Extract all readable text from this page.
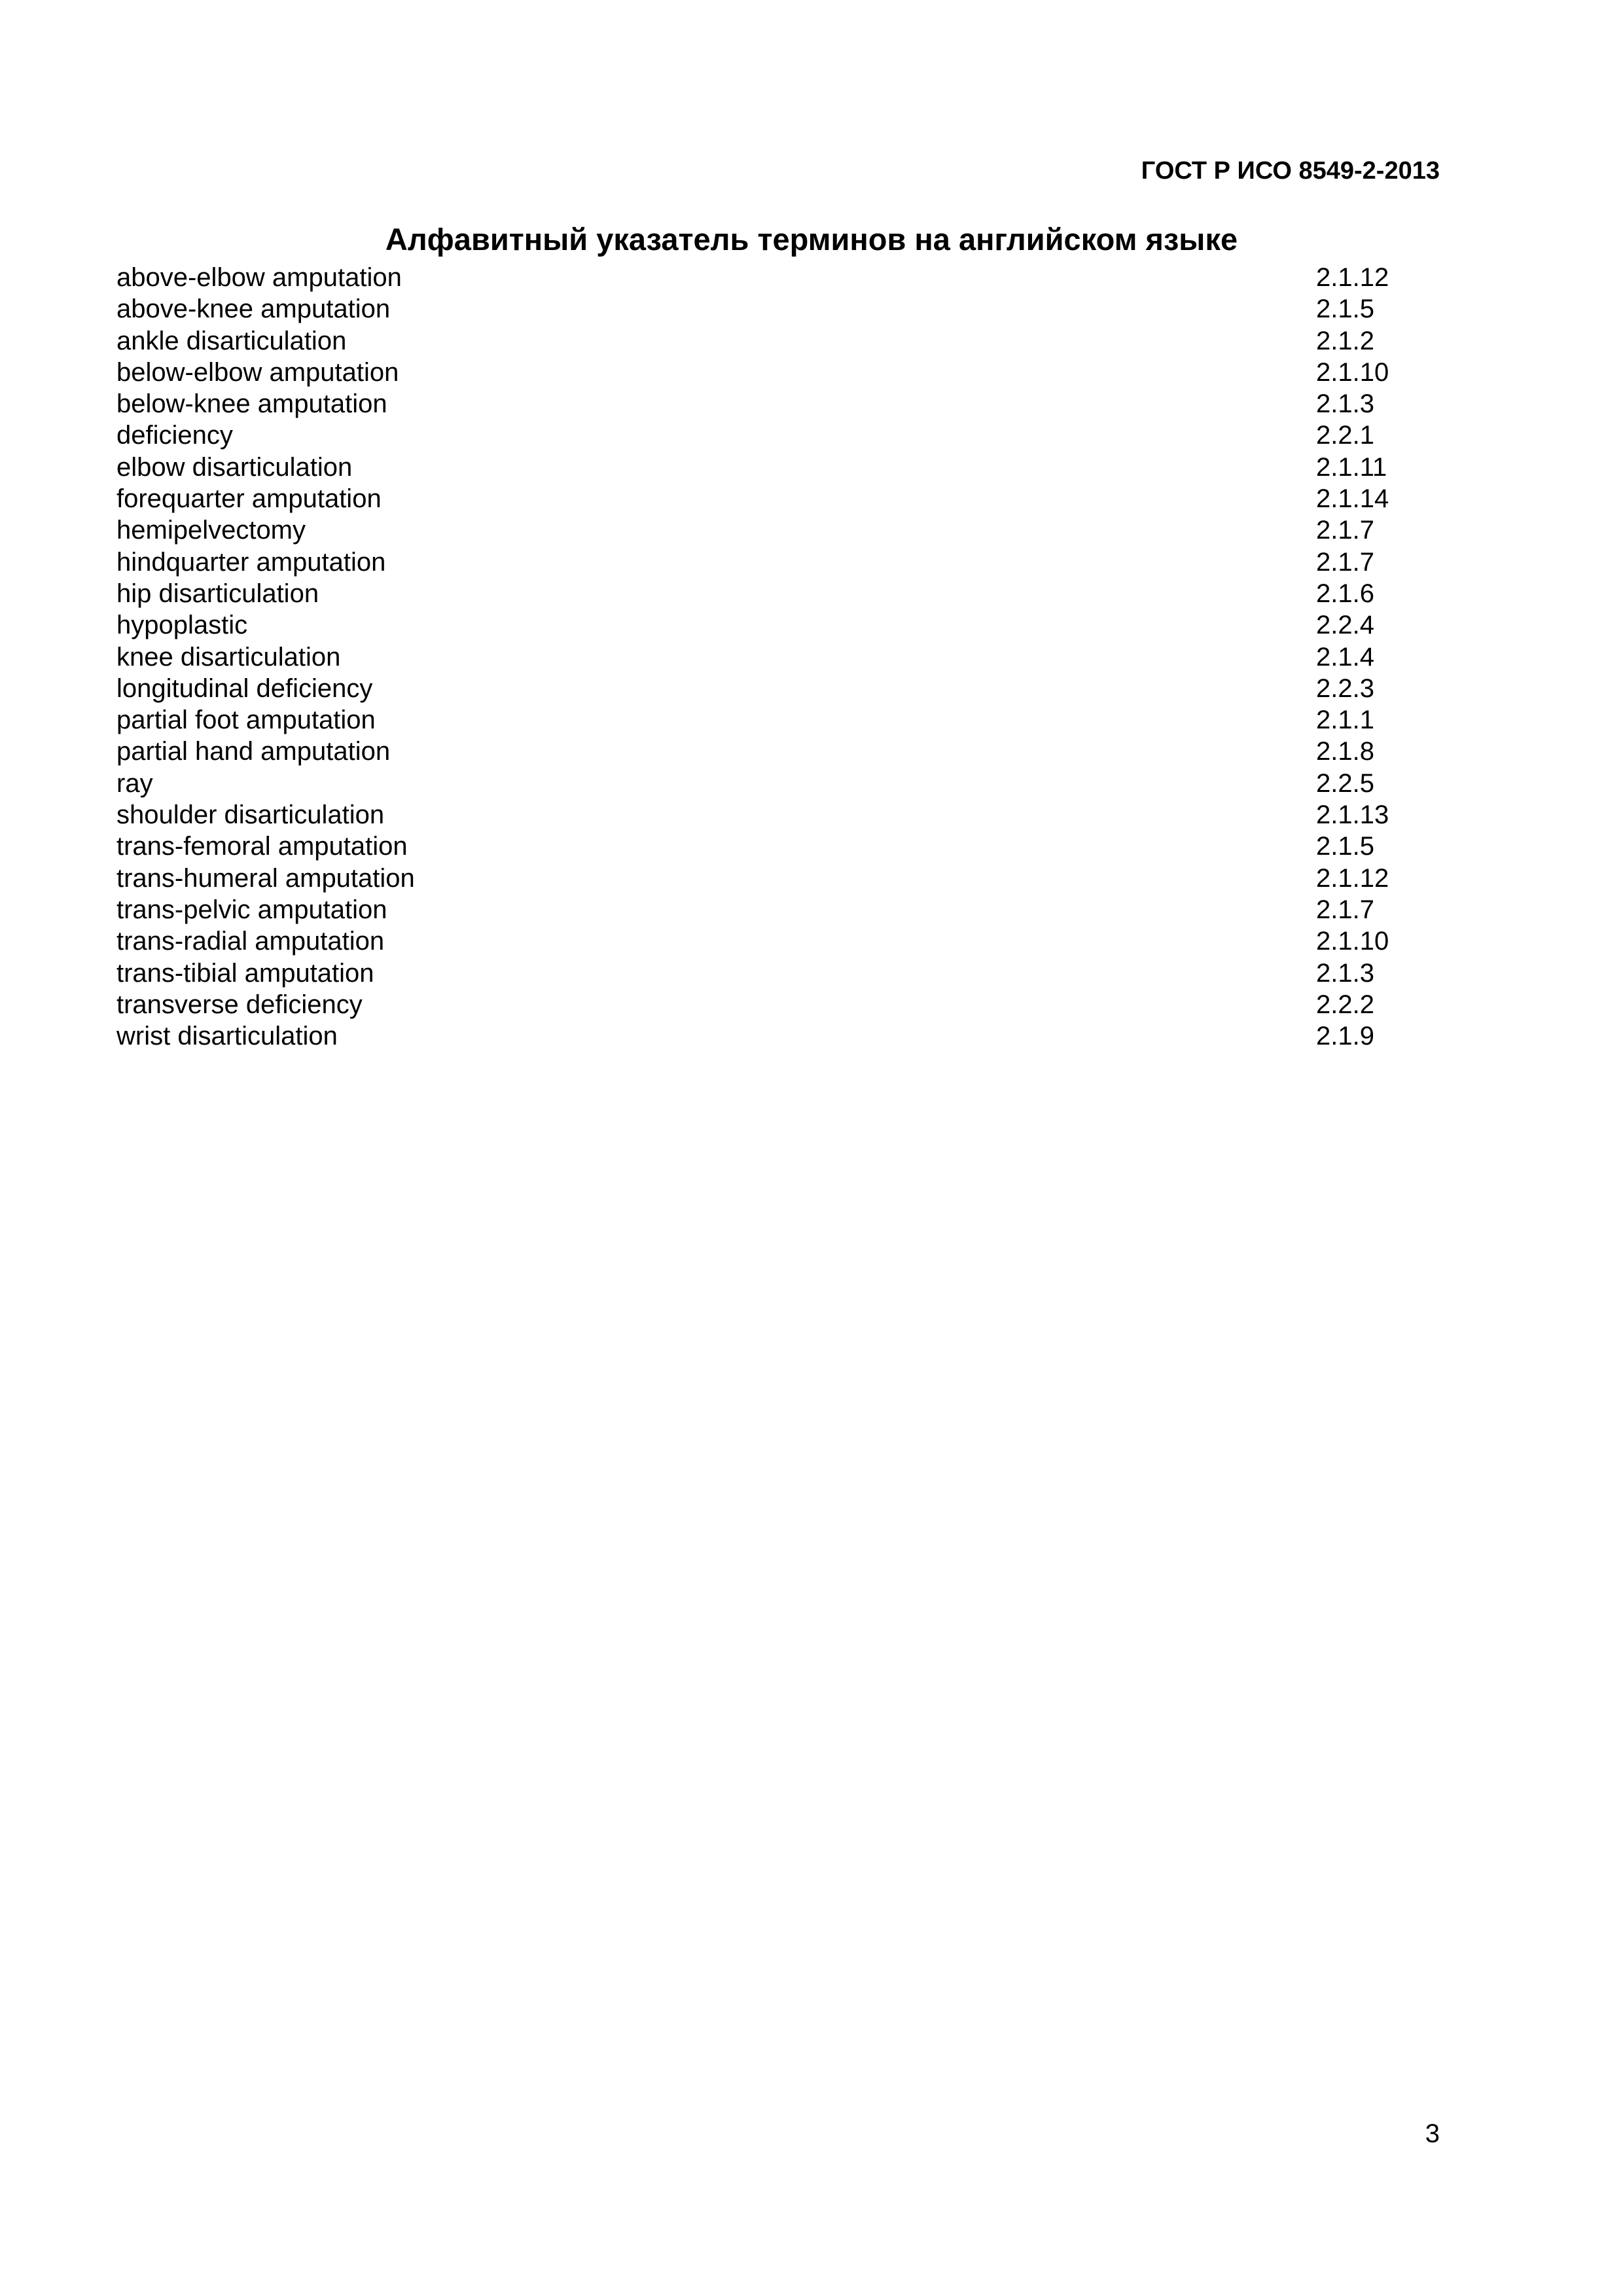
ГОСТ Р ИСО 8549-2-2013
Алфавитный указатель терминов на английском языке
above-elbow amputation	2.1.12
above-knee amputation	2.1.5
ankle disarticulation	2.1.2
below-elbow amputation	2.1.10
below-knee amputation	2.1.3
deficiency	2.2.1
elbow disarticulation	2.1.11
forequarter amputation	2.1.14
hemipelvectomy	2.1.7
hindquarter amputation	2.1.7
hip disarticulation	2.1.6
hypoplastic	2.2.4
knee disarticulation	2.1.4
longitudinal deficiency	2.2.3
partial foot amputation	2.1.1
partial hand amputation	2.1.8
ray	2.2.5
shoulder disarticulation	2.1.13
trans-femoral amputation	2.1.5
trans-humeral amputation	2.1.12
trans-pelvic amputation	2.1.7
trans-radial amputation	2.1.10
trans-tibial amputation	2.1.3
transverse deficiency	2.2.2
wrist disarticulation	2.1.9
3
